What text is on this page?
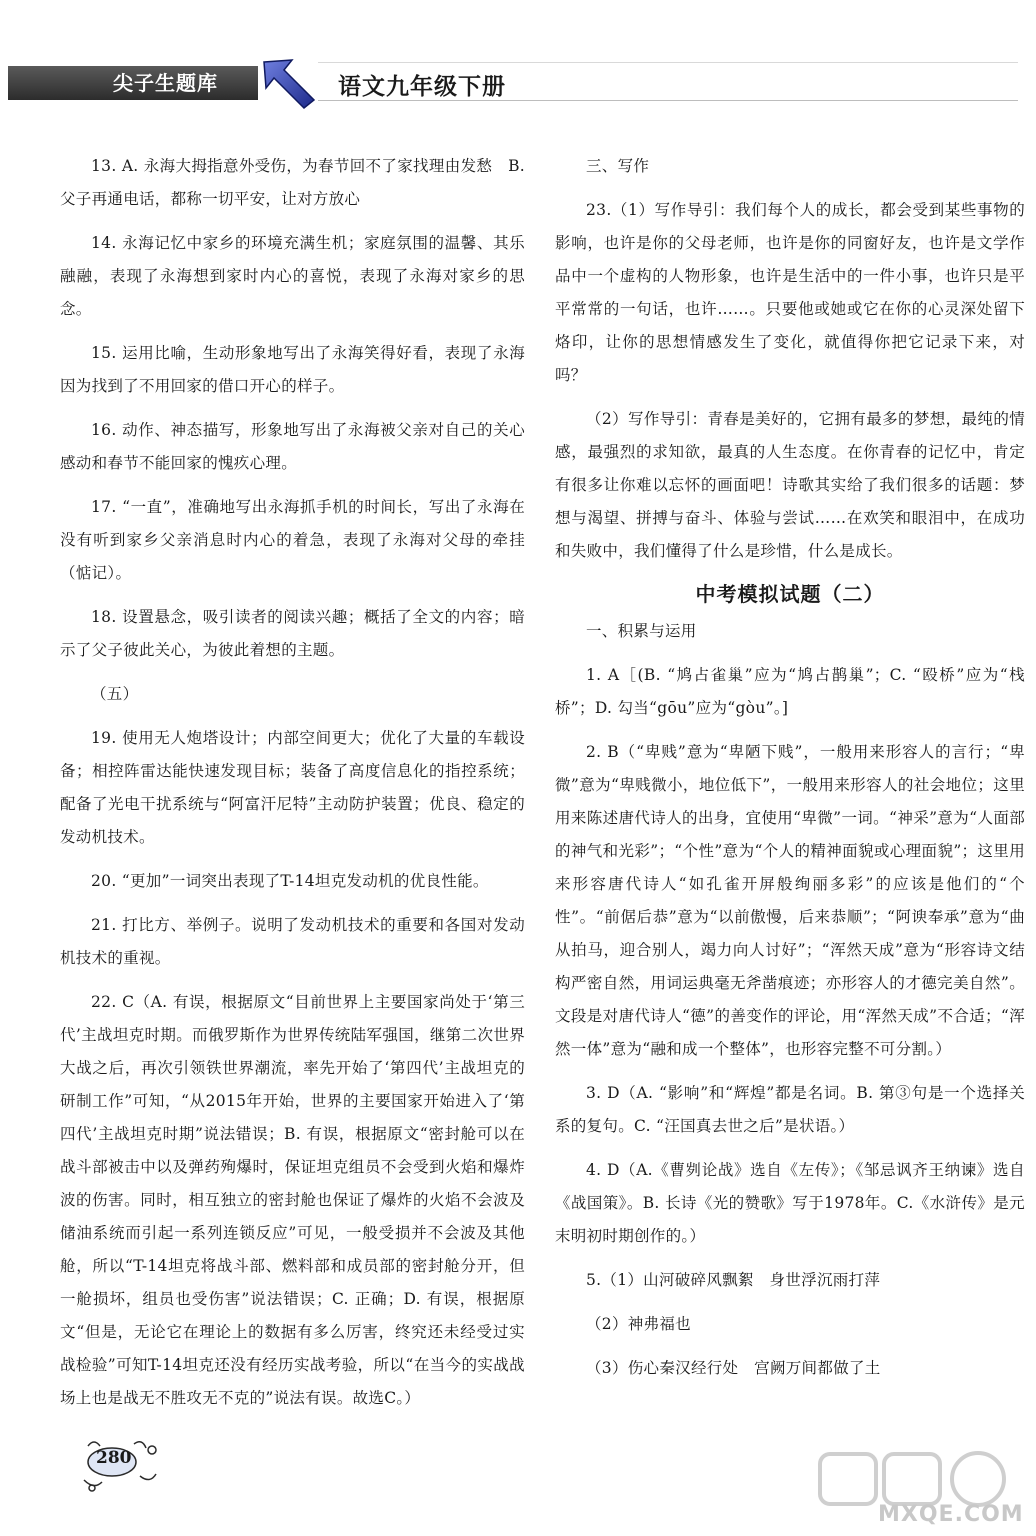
尖子生题库	语文九年级下册

13. A. 永海大拇指意外受伤，为春节回不了家找理由发愁　B. 父子再通电话，都称一切平安，让对方放心

14. 永海记忆中家乡的环境充满生机；家庭氛围的温馨、其乐融融，表现了永海想到家时内心的喜悦，表现了永海对家乡的思念。

15. 运用比喻，生动形象地写出了永海笑得好看，表现了永海因为找到了不用回家的借口开心的样子。

16. 动作、神态描写，形象地写出了永海被父亲对自己的关心感动和春节不能回家的愧疚心理。

17. “一直”，准确地写出永海抓手机的时间长，写出了永海在没有听到家乡父亲消息时内心的着急，表现了永海对父母的牵挂（惦记）。

18. 设置悬念，吸引读者的阅读兴趣；概括了全文的内容；暗示了父子彼此关心，为彼此着想的主题。

（五）

19. 使用无人炮塔设计；内部空间更大；优化了大量的车载设备；相控阵雷达能快速发现目标；装备了高度信息化的指控系统；配备了光电干扰系统与“阿富汗尼特”主动防护装置；优良、稳定的发动机技术。

20. “更加”一词突出表现了T-14坦克发动机的优良性能。

21. 打比方、举例子。说明了发动机技术的重要和各国对发动机技术的重视。

22. C（A. 有误，根据原文“目前世界上主要国家尚处于‘第三代’主战坦克时期。而俄罗斯作为世界传统陆军强国，继第二次世界大战之后，再次引领铁世界潮流，率先开始了‘第四代’主战坦克的研制工作”可知，“从2015年开始，世界的主要国家开始进入了‘第四代’主战坦克时期”说法错误；B. 有误，根据原文“密封舱可以在战斗部被击中以及弹药殉爆时，保证坦克组员不会受到火焰和爆炸波的伤害。同时，相互独立的密封舱也保证了爆炸的火焰不会波及储油系统而引起一系列连锁反应”可见，一般受损并不会波及其他舱，所以“T-14坦克将战斗部、燃料部和成员部的密封舱分开，但一舱损坏，组员也受伤害”说法错误；C. 正确；D. 有误，根据原文“但是，无论它在理论上的数据有多么厉害，终究还未经受过实战检验”可知T-14坦克还没有经历实战考验，所以“在当今的实战战场上也是战无不胜攻无不克的”说法有误。故选C。）

三、写作

23.（1）写作导引：我们每个人的成长，都会受到某些事物的影响，也许是你的父母老师，也许是你的同窗好友，也许是文学作品中一个虚构的人物形象，也许是生活中的一件小事，也许只是平平常常的一句话，也许……。只要他或她或它在你的心灵深处留下烙印，让你的思想情感发生了变化，就值得你把它记录下来，对吗？

（2）写作导引：青春是美好的，它拥有最多的梦想，最纯的情感，最强烈的求知欲，最真的人生态度。在你青春的记忆中，肯定有很多让你难以忘怀的画面吧！诗歌其实给了我们很多的话题：梦想与渴望、拼搏与奋斗、体验与尝试……在欢笑和眼泪中，在成功和失败中，我们懂得了什么是珍惜，什么是成长。

中考模拟试题（二）

一、积累与运用

1. A［(B. “鸠占雀巢”应为“鸠占鹊巢”；C. “殴桥”应为“栈桥”；D. 勾当“gōu”应为“gòu”。]

2. B（“卑贱”意为“卑陋下贱”，一般用来形容人的言行；“卑微”意为“卑贱微小，地位低下”，一般用来形容人的社会地位；这里用来陈述唐代诗人的出身，宜使用“卑微”一词。“神采”意为“人面部的神气和光彩”；“个性”意为“个人的精神面貌或心理面貌”；这里用来形容唐代诗人“如孔雀开屏般绚丽多彩”的应该是他们的“个性”。“前倨后恭”意为“以前傲慢，后来恭顺”；“阿谀奉承”意为“曲从拍马，迎合别人，竭力向人讨好”；“浑然天成”意为“形容诗文结构严密自然，用词运典毫无斧凿痕迹；亦形容人的才德完美自然”。文段是对唐代诗人“德”的善变作的评论，用“浑然天成”不合适；“浑然一体”意为“融和成一个整体”，也形容完整不可分割。）

3. D（A. “影响”和“辉煌”都是名词。B. 第③句是一个选择关系的复句。C. “汪国真去世之后”是状语。）

4. D（A.《曹刿论战》选自《左传》；《邹忌讽齐王纳谏》选自《战国策》。B. 长诗《光的赞歌》写于1978年。C.《水浒传》是元末明初时期创作的。）

5.（1）山河破碎风飘絮　身世浮沉雨打萍

（2）神弗福也

（3）伤心秦汉经行处　宫阙万间都做了土

280
MXQE.COM
